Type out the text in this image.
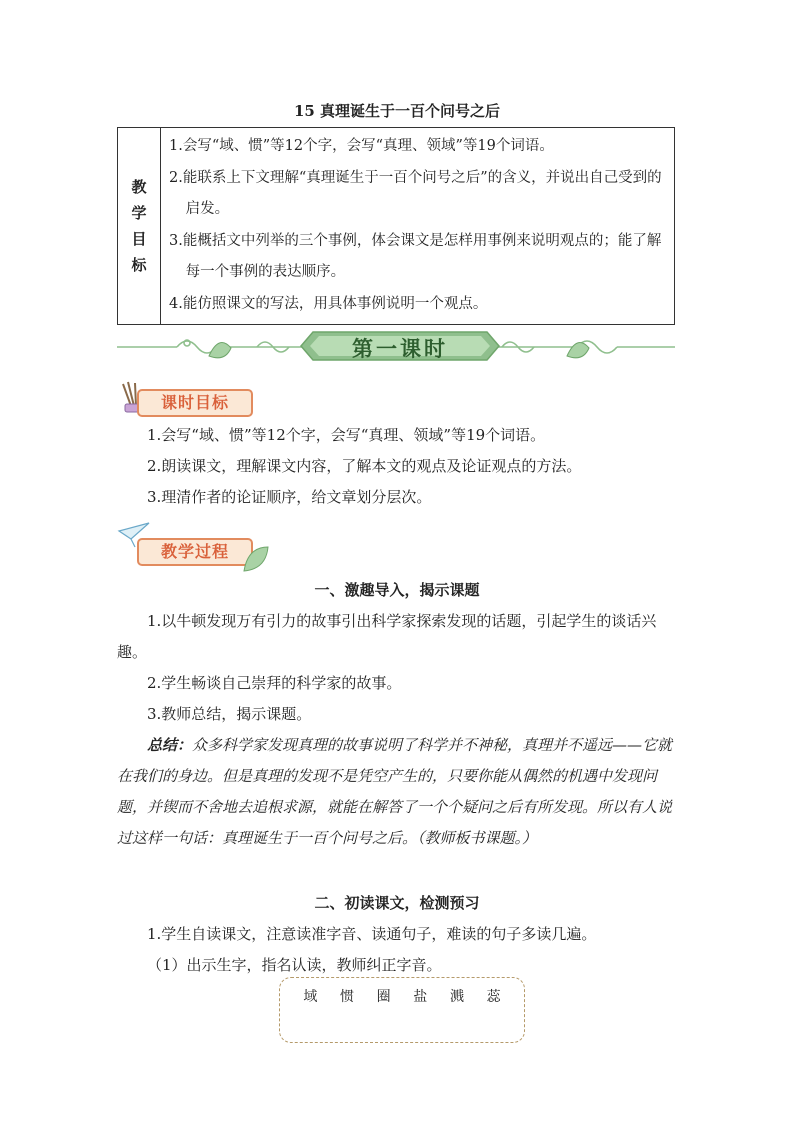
15 真理诞生于一百个问号之后
教
学
目
标

1.会写“域、惯”等12个字，会写“真理、领域”等19个词语。
2.能联系上下文理解“真理诞生于一百个问号之后”的含义，并说出自己受到的启发。
3.能概括文中列举的三个事例，体会课文是怎样用事例来说明观点的；能了解每一个事例的表达顺序。
4.能仿照课文的写法，用具体事例说明一个观点。
第一课时
课时目标

1.会写“域、惯”等12个字，会写“真理、领域”等19个词语。

2.朗读课文，理解课文内容，了解本文的观点及论证观点的方法。

3.理清作者的论证顺序，给文章划分层次。

教学过程

一、激趣导入，揭示课题

1.以牛顿发现万有引力的故事引出科学家探索发现的话题，引起学生的谈话兴趣。

2.学生畅谈自己崇拜的科学家的故事。

3.教师总结，揭示课题。

总结：众多科学家发现真理的故事说明了科学并不神秘，真理并不遥远——它就在我们的身边。但是真理的发现不是凭空产生的，只要你能从偶然的机遇中发现问题，并锲而不舍地去追根求源，就能在解答了一个个疑问之后有所发现。所以有人说过这样一句话：真理诞生于一百个问号之后。（教师板书课题。）

二、初读课文，检测预习

1.学生自读课文，注意读准字音、读通句子，难读的句子多读几遍。

（1）出示生字，指名认读，教师纠正字音。

域 惯 圈 盐 溅 蕊
